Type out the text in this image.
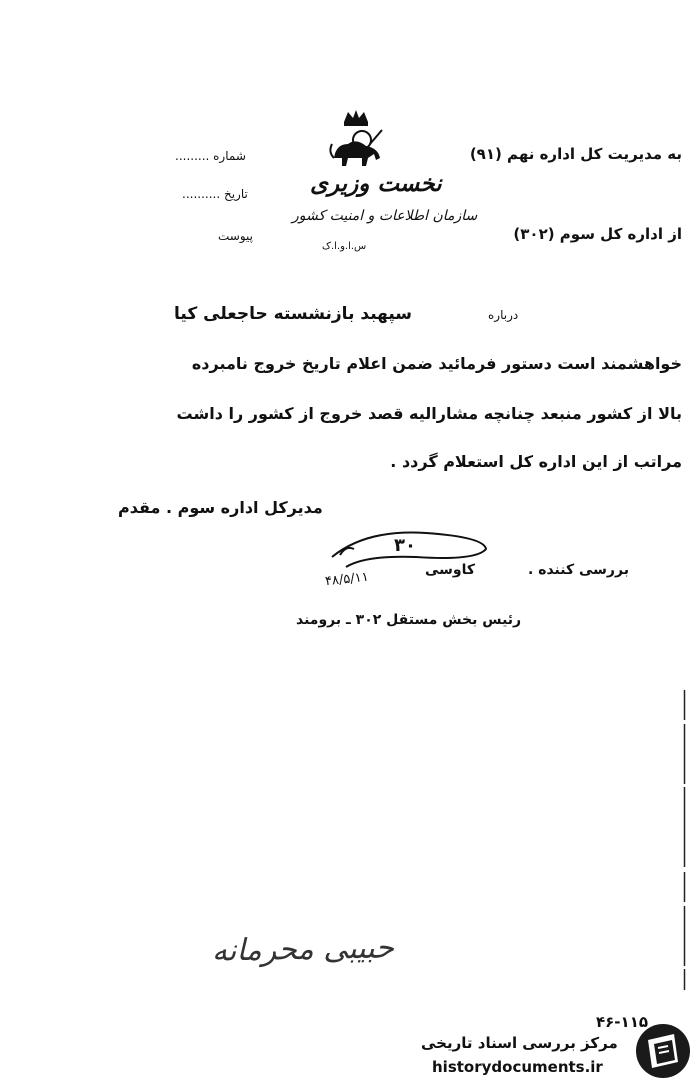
به مدیریت کل اداره نهم (۹۱)
شماره .........
تاریخ ..........
پیوست
نخست وزیری
سازمان اطلاعات و امنیت کشور
س.ا.و.ا.ک
از اداره کل سوم (۳۰۲)
درباره
سپهبد بازنشسته حاجعلی کیا
خواهشمند است دستور فرمائید ضمن اعلام تاریخ خروج نامبرده
بالا از کشور منبعد چنانچه مشارالیه قصد خروج از کشور را داشت
مراتب از این اداره کل استعلام گردد .
مدیرکل اداره سوم . مقدم
۳۰
بررسی کننده .
کاوسی
۴۸/۵/۱۱
رئیس بخش مستقل ۳۰۲ ـ برومند
حبیبی محرمانه
۴۶-۱۱۵
مرکز بررسی اسناد تاریخی
historydocuments.ir
